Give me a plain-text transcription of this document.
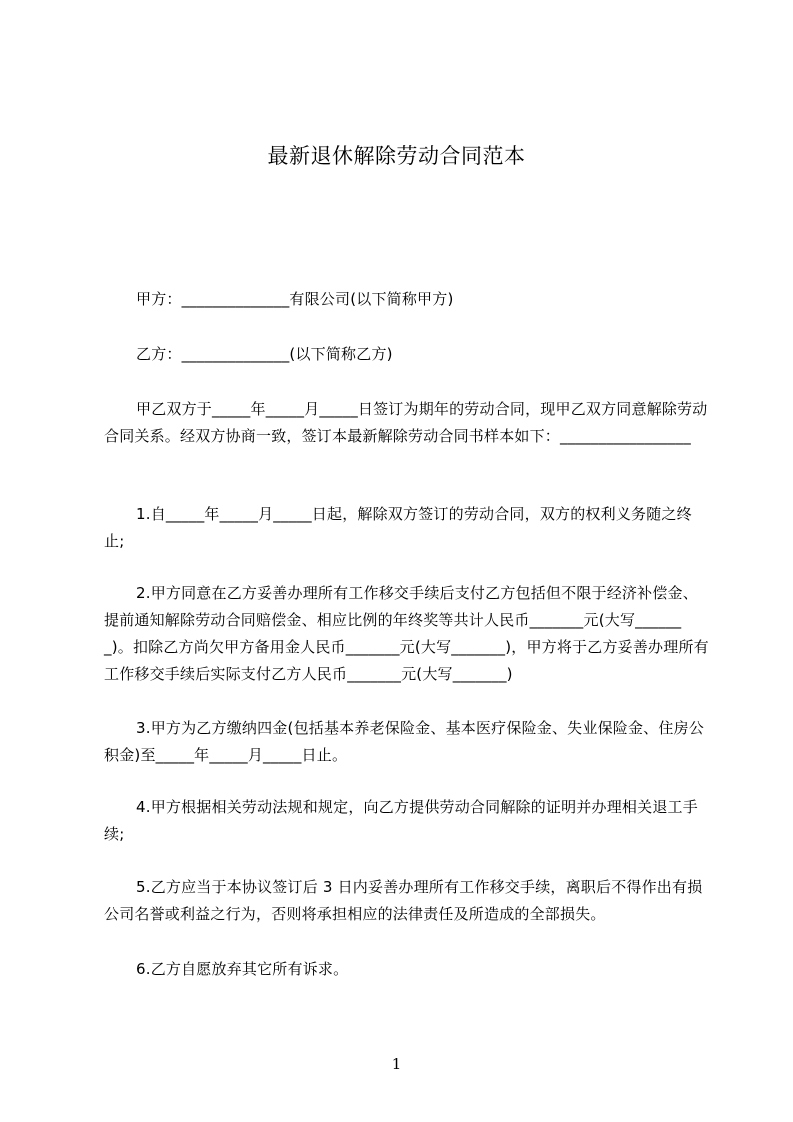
最新退休解除劳动合同范本
甲方：______________有限公司(以下简称甲方)
乙方：______________(以下简称乙方)
甲乙双方于_____年_____月_____日签订为期年的劳动合同，现甲乙双方同意解除劳动合同关系。经双方协商一致，签订本最新解除劳动合同书样本如下：_________________
1.自_____年_____月_____日起，解除双方签订的劳动合同，双方的权利义务随之终止;
2.甲方同意在乙方妥善办理所有工作移交手续后支付乙方包括但不限于经济补偿金、提前通知解除劳动合同赔偿金、相应比例的年终奖等共计人民币_______元(大写_______)。扣除乙方尚欠甲方备用金人民币_______元(大写_______)，甲方将于乙方妥善办理所有工作移交手续后实际支付乙方人民币_______元(大写_______)
3.甲方为乙方缴纳四金(包括基本养老保险金、基本医疗保险金、失业保险金、住房公积金)至_____年_____月_____日止。
4.甲方根据相关劳动法规和规定，向乙方提供劳动合同解除的证明并办理相关退工手续;
5.乙方应当于本协议签订后 3 日内妥善办理所有工作移交手续，离职后不得作出有损公司名誉或利益之行为，否则将承担相应的法律责任及所造成的全部损失。
6.乙方自愿放弃其它所有诉求。
1
